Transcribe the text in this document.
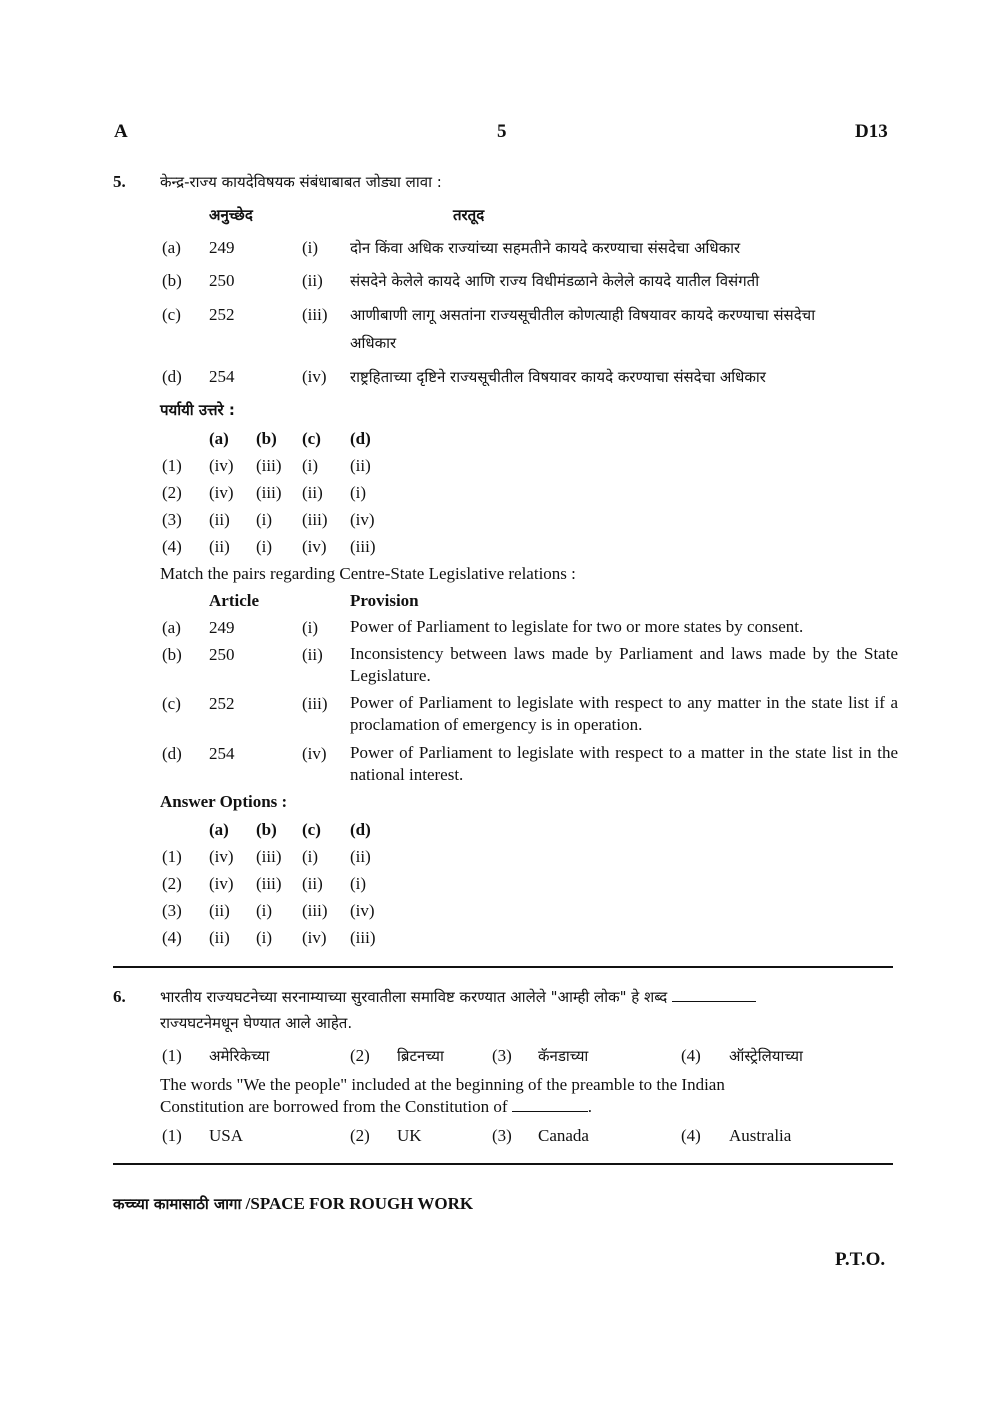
A	5	D13
5. केन्द्र-राज्य कायदेविषयक संबंधाबाबत जोड्या लावा :
अनुच्छेद	तरतूद
(a) 249	(i) दोन किंवा अधिक राज्यांच्या सहमतीने कायदे करण्याचा संसदेचा अधिकार
(b) 250	(ii) संसदेने केलेले कायदे आणि राज्य विधीमंडळाने केलेले कायदे यातील विसंगती
(c) 252	(iii) आणीबाणी लागू असतांना राज्यसूचीतील कोणत्याही विषयावर कायदे करण्याचा संसदेचा
अधिकार
(d) 254	(iv) राष्ट्रहिताच्या दृष्टिने राज्यसूचीतील विषयावर कायदे करण्याचा संसदेचा अधिकार
पर्यायी उत्तरे :
(a) (b) (c) (d)
(1) (iv) (iii) (i) (ii)
(2) (iv) (iii) (ii) (i)
(3) (ii) (i) (iii) (iv)
(4) (ii) (i) (iv) (iii)
Match the pairs regarding Centre-State Legislative relations :
Article	Provision
(a) 249	(i) Power of Parliament to legislate for two or more states by consent.
(b) 250	(ii) Inconsistency between laws made by Parliament and laws made by the State Legislature.
(c) 252	(iii) Power of Parliament to legislate with respect to any matter in the state list if a proclamation of emergency is in operation.
(d) 254	(iv) Power of Parliament to legislate with respect to a matter in the state list in the national interest.
Answer Options :
(a) (b) (c) (d)
(1) (iv) (iii) (i) (ii)
(2) (iv) (iii) (ii) (i)
(3) (ii) (i) (iii) (iv)
(4) (ii) (i) (iv) (iii)
6. भारतीय राज्यघटनेच्या सरनाम्याच्या सुरवातीला समाविष्ट करण्यात आलेले "आम्ही लोक" हे शब्द
राज्यघटनेमधून घेण्यात आले आहेत.
(1) अमेरिकेच्या	(2) ब्रिटनच्या	(3) कॅनडाच्या	(4) ऑस्ट्रेलियाच्या
The words "We the people" included at the beginning of the preamble to the Indian
Constitution are borrowed from the Constitution of	.
(1) USA	(2) UK	(3) Canada	(4) Australia
कच्च्या कामासाठी जागा /SPACE FOR ROUGH WORK
P.T.O.
